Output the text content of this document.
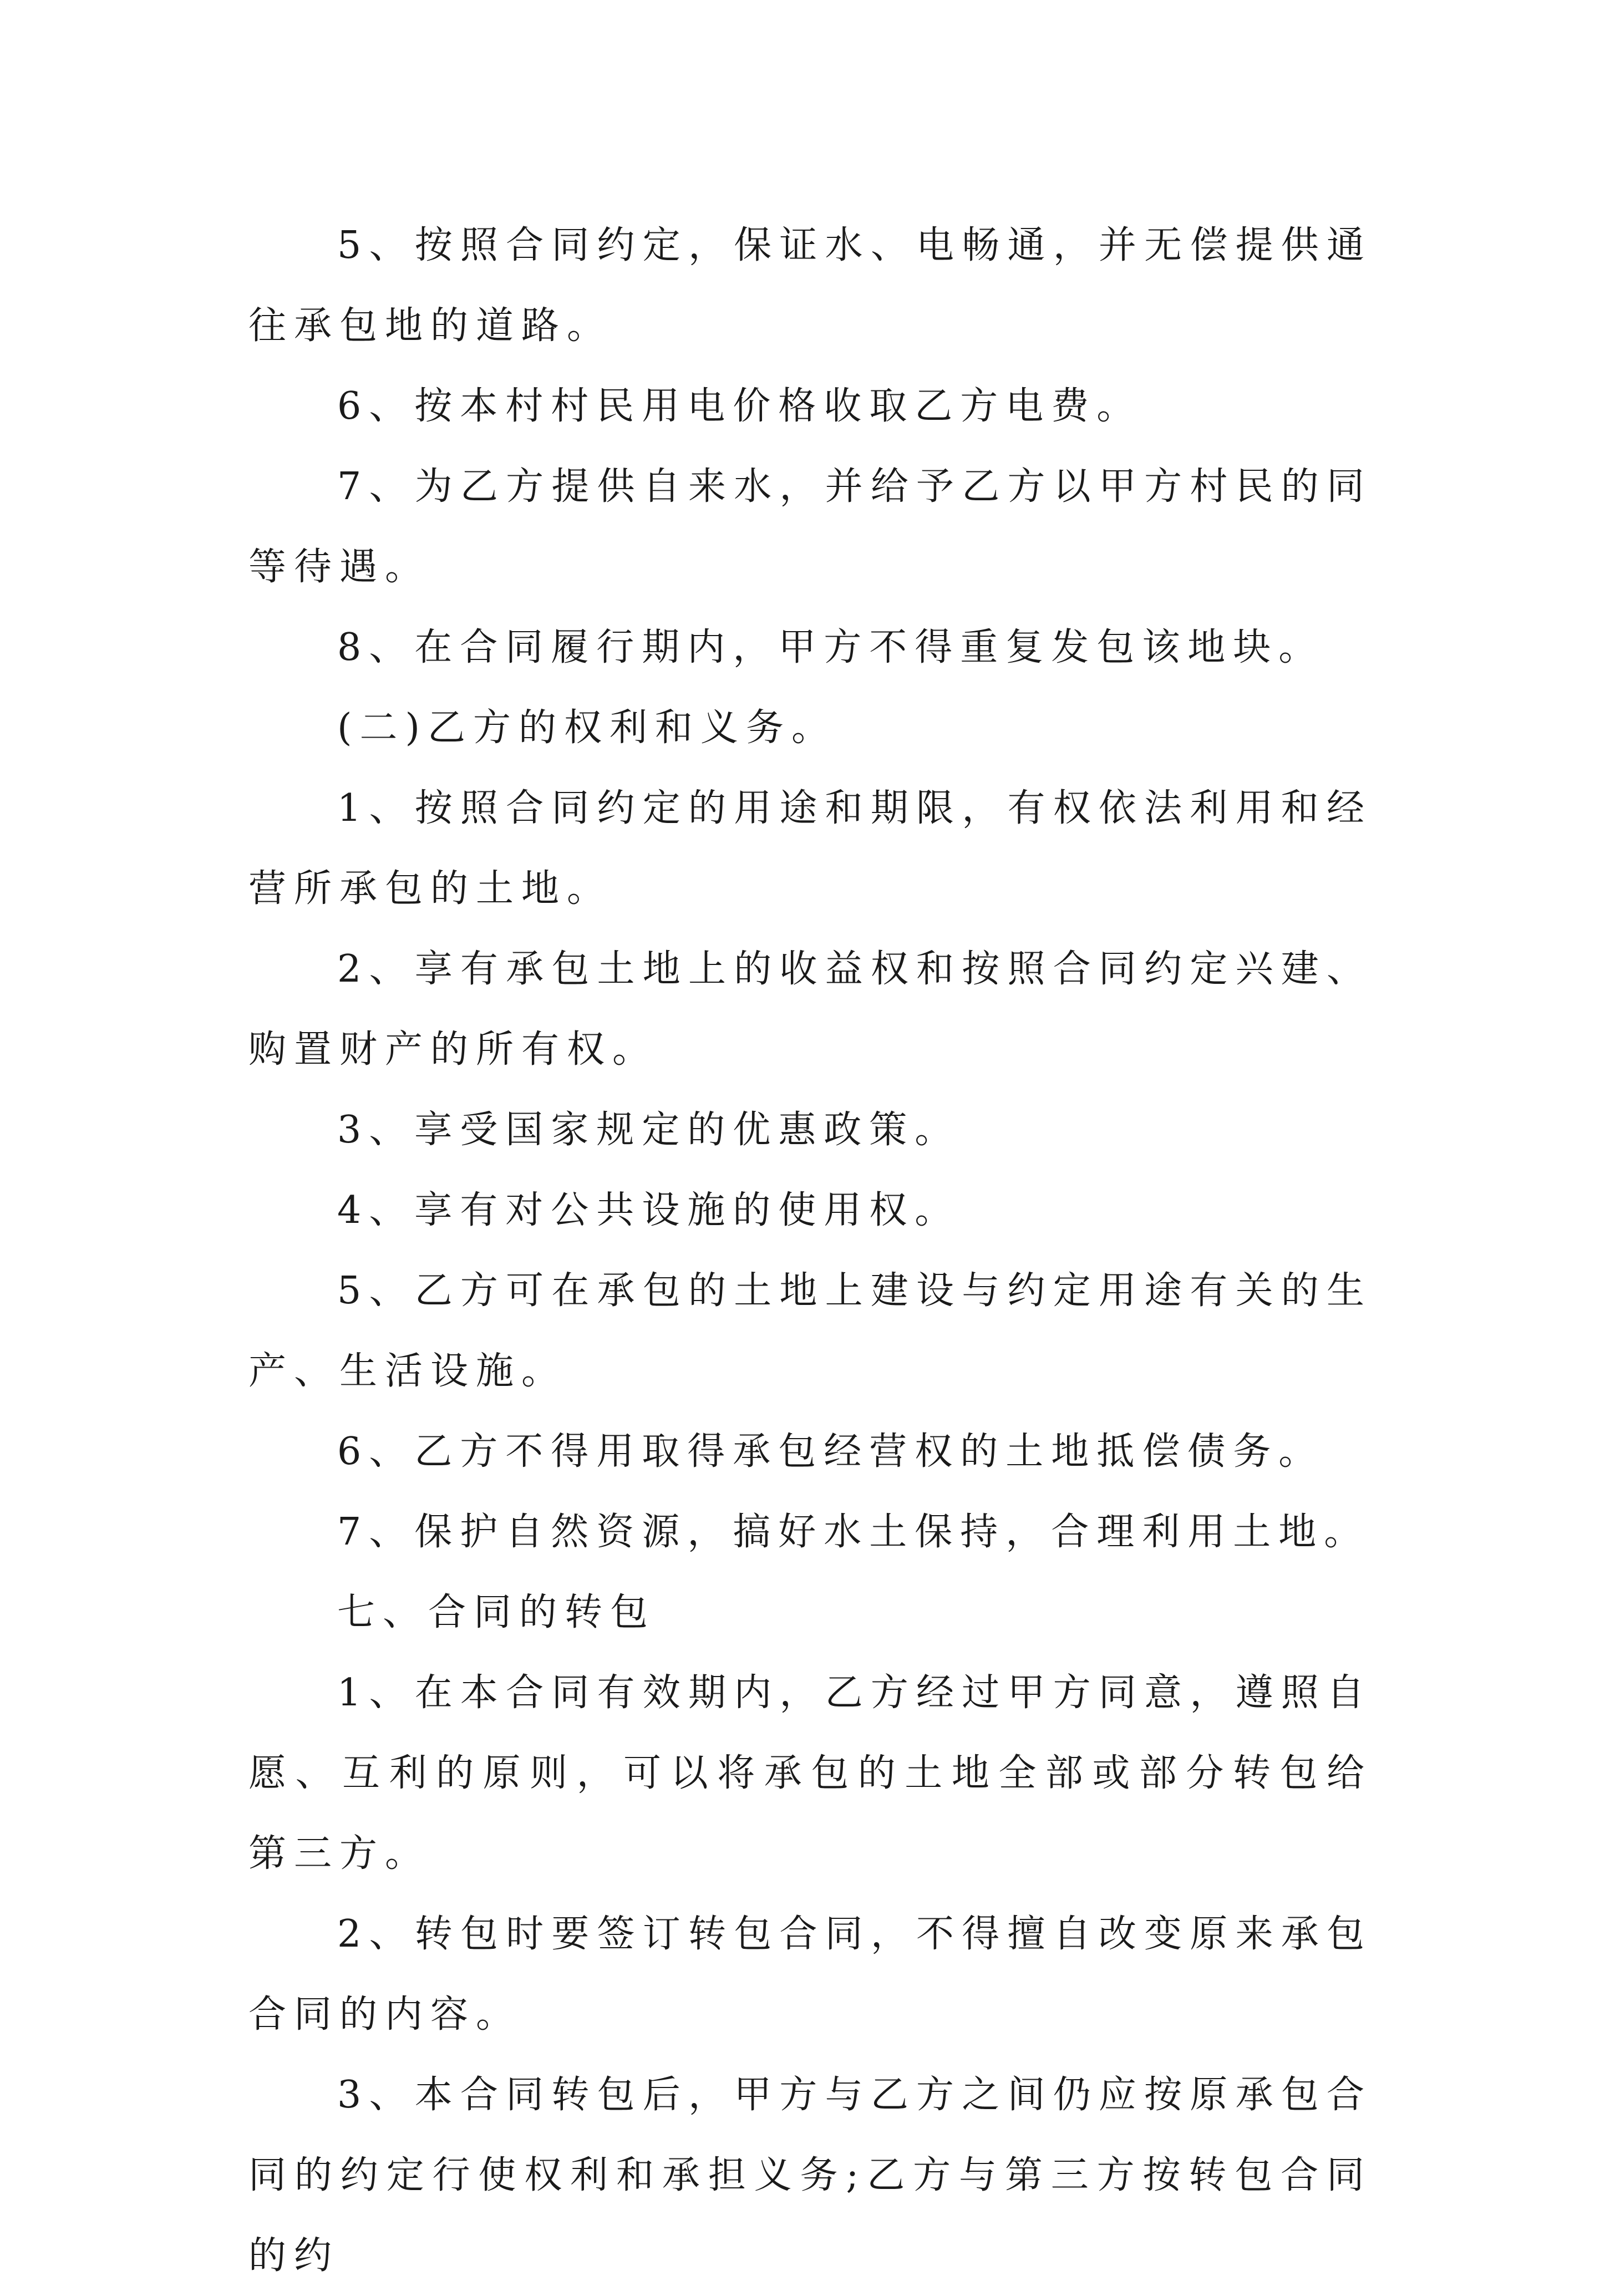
5、按照合同约定，保证水、电畅通，并无偿提供通往承包地的道路。

6、按本村村民用电价格收取乙方电费。

7、为乙方提供自来水，并给予乙方以甲方村民的同等待遇。

8、在合同履行期内，甲方不得重复发包该地块。

(二)乙方的权利和义务。

1、按照合同约定的用途和期限，有权依法利用和经营所承包的土地。

2、享有承包土地上的收益权和按照合同约定兴建、购置财产的所有权。

3、享受国家规定的优惠政策。

4、享有对公共设施的使用权。

5、乙方可在承包的土地上建设与约定用途有关的生产、生活设施。

6、乙方不得用取得承包经营权的土地抵偿债务。

7、保护自然资源，搞好水土保持，合理利用土地。

七、合同的转包

1、在本合同有效期内，乙方经过甲方同意，遵照自愿、互利的原则，可以将承包的土地全部或部分转包给第三方。

2、转包时要签订转包合同，不得擅自改变原来承包合同的内容。

3、本合同转包后，甲方与乙方之间仍应按原承包合同的约定行使权利和承担义务;乙方与第三方按转包合同的约
